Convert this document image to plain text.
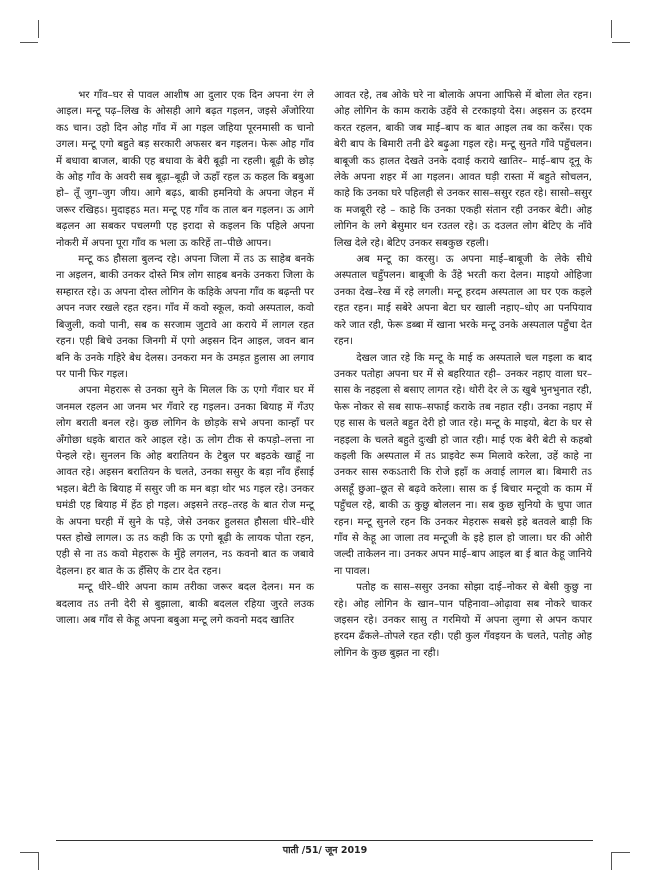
भर गाँव–घर से पावल आशीष आ दुलार एक दिन अपना रंग ले आइल। मन्टू पढ़–लिख के ओसही आगे बढ़त गइलन, जइसे अँजोरिया कऽ चान। उहो दिन ओह गाँव में आ गइल जहिया पूरनमासी क चानो उगल। मन्टू एगो बहुते बड़ सरकारी अफसर बन गइलन। फेरू ओह गाँव में बधावा बाजल, बाकी एह बधावा के बेरी बूढ़ी ना रहली। बूढ़ी के छोड़ के ओह गाँव के अवरी सब बूढ़ा–बूढ़ी जे ऊहाँ रहल ऊ कहल कि बबुआ हो– तूँ जुग–जुग जीय। आगे बढ़ऽ, बाकी हमनियो के अपना जेहन में जरूर रखिहऽ। मुदाइहऽ मत। मन्टू एह गाँव क ताल बन गइलन। ऊ आगे बढ़लन आ सबकर पचलग्गी एह इरादा से कइलन कि पहिले अपना नोकरी में अपना पूरा गाँव क भला ऊ करिहें ता–पीछे आपन।

मन्टू कऽ हौसला बुलन्द रहे। अपना जिला में तऽ ऊ साहेब बनके ना अइलन, बाकी उनकर दोस्ते मित्र लोग साहब बनके उनकरा जिला के सम्हारत रहे। ऊ अपना दोस्त लोगिन के कहिके अपना गाँव क बढ़न्ती पर अपन नजर रखले रहत रहन। गाँव में कवो स्कूल, कवो अस्पताल, कवो बिजुली, कवो पानी, सब क सरजाम जुटावे आ कराये में लागल रहत रहन। एही बिचे उनका जिनगी में एगो अइसन दिन आइल, जवन बान बनि के उनके गहिरे बेध देलस। उनकरा मन के उमड़त हुलास आ लगाव पर पानी फिर गइल।

अपना मेहरारू से उनका सुने के मिलल कि ऊ एगो गँवार घर में जनमल रहलन आ जनम भर गँवारे रह गइलन। उनका बियाह में गँउए लोग बराती बनल रहे। कुछ लोगिन के छोड़के सभे अपना कान्हाँ पर अँगोछा धइके बारात करे आइल रहे। ऊ लोग टीक से कपड़ो–लत्ता ना पेन्हले रहे। सुनलन कि ओह बरातियन के टेबुल पर बइठके खाहूँ ना आवत रहे। अइसन बरातियन के चलते, उनका ससुर के बड़ा नाँव हँसाई भइल। बेटी के बियाह में ससुर जी क मन बड़ा थोर भऽ गइल रहे। उनकर घमंडी एह बियाह में हेंठ हो गइल। अइसने तरह–तरह के बात रोज मन्टू के अपना घरही में सुने के पड़े, जेसे उनकर हुलसत हौसला धीरे–धीरे पस्त होखे लागल। ऊ तऽ कही कि ऊ एगो बूढ़ी के लायक पोता रहन, एही से ना तऽ कवो मेहरारू के मुँहे लगलन, नऽ कवनो बात क जबावे देहलन। हर बात के ऊ हँसिए के टार देत रहन।

मन्टू धीरे–धीरे अपना काम तरीका जरूर बदल देलन। मन क बदलाव तऽ तनी देरी से बुझाला, बाकी बदलल रहिया जुरते लउक जाला। अब गाँव से केहू अपना बबुआ मन्टू लगे कवनो मदद खातिर

आवत रहे, तब ओके घरे ना बोलाके अपना आफिसे में बोला लेत रहन। ओह लोगिन के काम कराके उहँवे से टरकाइयो देस। अइसन ऊ हरदम करत रहलन, बाकी जब माई–बाप क बात आइल तब का करँस। एक बेरी बाप के बिमारी तनी ढेरे बढ़ुआ गइल रहे। मन्टू सुनते गाँवे पहुँचलन। बाबूजी कऽ हालत देखते उनके दवाई कराये खातिर– माई–बाप दूनू के लेके अपना शहर में आ गइलन। आवत घड़ी रास्ता में बहुते सोचलन, काहे कि उनका घरे पहिलही से उनकर सास–ससुर रहत रहे। सासो–ससुर क मजबूरी रहे – काहे कि उनका एकही संतान रही उनकर बेटी। ओह लोगिन के लगे बेसुमार धन रउतल रहे। ऊ दउलत लोग बेटिए के नाँवे लिख देले रहे। बेटिए उनकर सबकुछ रहली।

अब मन्टू का करसु। ऊ अपना माई–बाबूजी के लेके सीधे अस्पताल चहुँपलन। बाबूजी के उँहे भरती करा देलन। माइयो ओहिजा उनका देख–रेख में रहे लगली। मन्टू हरदम अस्पताल आ घर एक कइले रहत रहन। माई सबेरे अपना बेटा घर खाली नहाए–धोए आ पनपियाव करे जात रही, फेरू डब्बा में खाना भरके मन्टू उनके अस्पताल पहुँचा देत रहन।

देखल जात रहे कि मन्टू के माई क अस्पताले चल गइला क बाद उनकर पतोहा अपना घर में से बहरियात रही– उनकर नहाए वाला घर– सास के नहइला से बसाए लागत रहे। थोरी देर ले ऊ खुबे भुनभुनात रही, फेरू नोकर से सब साफ–सफाई कराके तब नहात रही। उनका नहाए में एह सास के चलते बहुत देरी हो जात रहे। मन्टू के माइयो, बेटा के घर से नहइला के चलते बहुते दुःखी हो जात रही। माई एक बेरी बेटी से कहबो कइली कि अस्पताल में तऽ प्राइवेट रूम मिलावे करेला, उहें काहे ना उनकर सास रुकऽतारी कि रोजे इहाँ क अवाई लागल बा। बिमारी तऽ असहूँ छुआ–छूत से बढ़वे करेला। सास क ई बिचार मन्टूवो क काम में पहुँचल रहे, बाकी ऊ कुछु बोललन ना। सब कुछ सुनियो के चुपा जात रहन। मन्टू सुनले रहन कि उनकर मेहरारू सबसे इहे बतवले बाड़ी कि गाँव से केहू आ जाला तव मन्टूजी के इहे हाल हो जाला। घर की ओरी जल्दी ताकेलन ना। उनकर अपन माई–बाप आइल बा ई बात केहू जानिये ना पावल।

पतोह क सास–ससुर उनका सोझा दाई–नोकर से बेसी कुछु ना रहे। ओह लोगिन के खान–पान पहिनावा–ओढ़ावा सब नोकरे चाकर जइसन रहे। उनकर सासु त गरमियो में अपना लुग्गा से अपन कपार हरदम ढँकले–तोपले रहत रही। एही कुल गँवइयन के चलते, पतोह ओह लोगिन के कुछ बुझत ना रही।

पाती /51/ जून 2019
